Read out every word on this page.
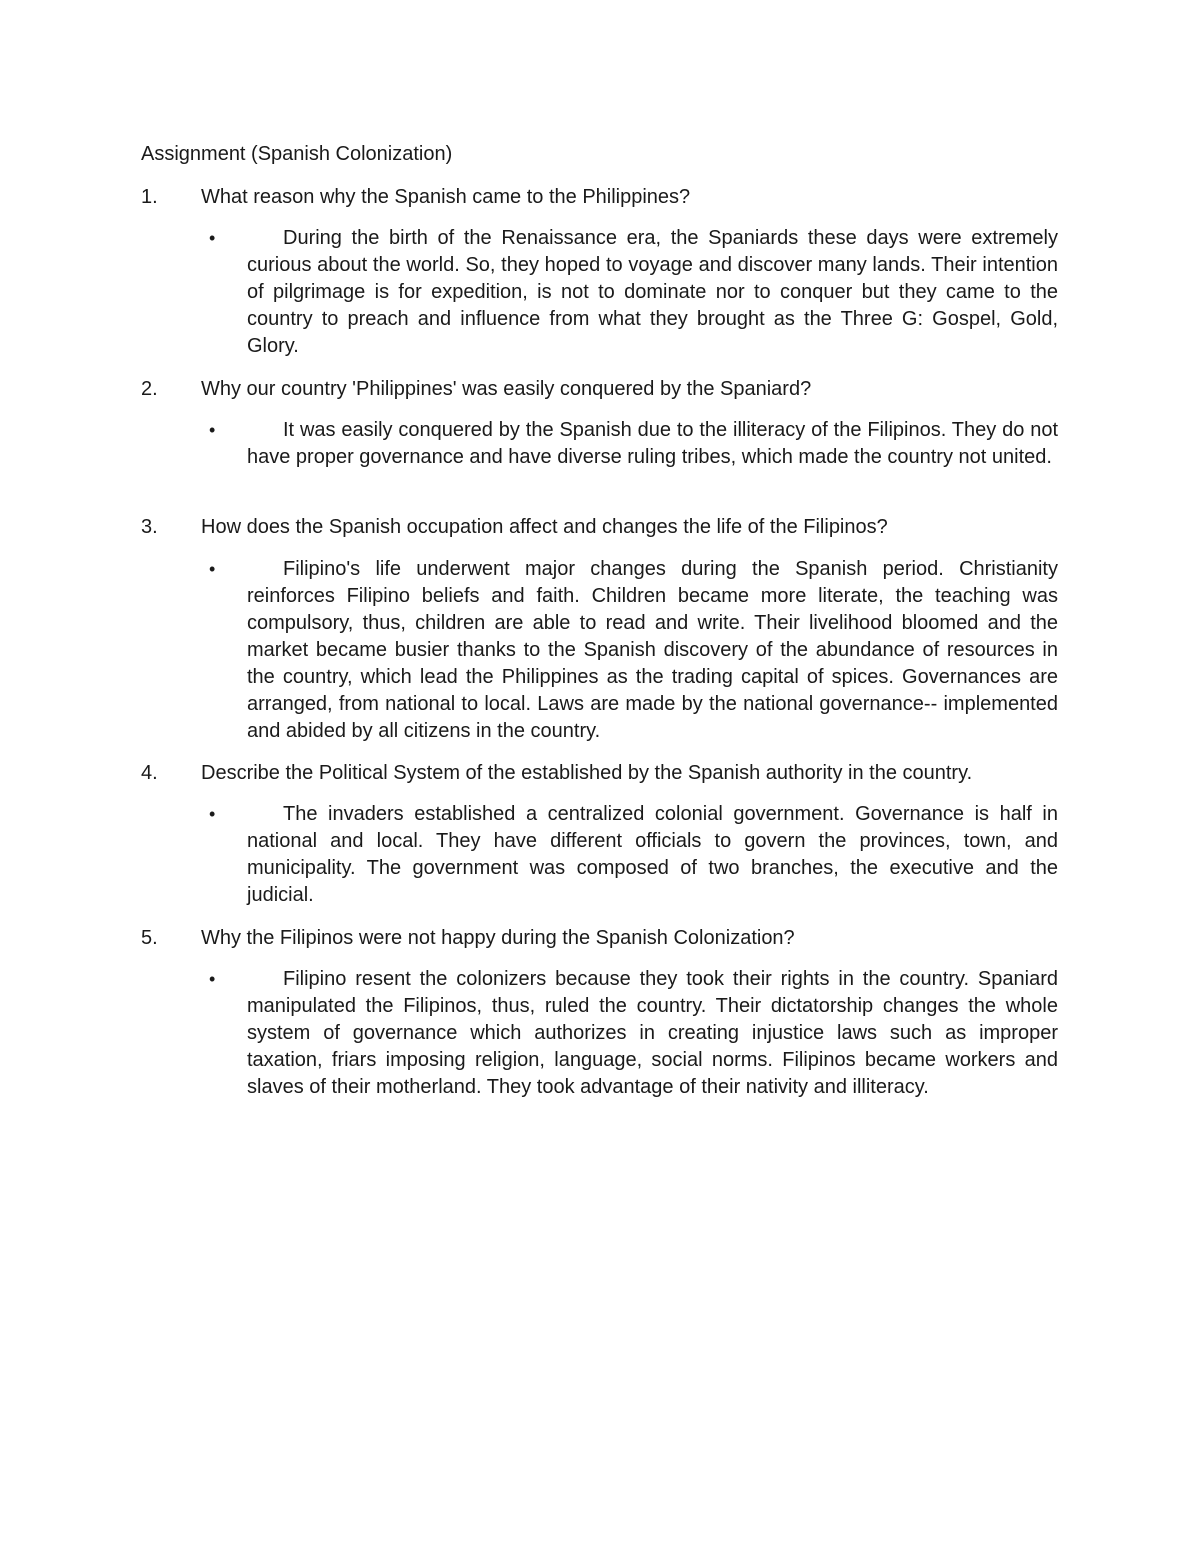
Assignment (Spanish Colonization)
1. What reason why the Spanish came to the Philippines?
•	During the birth of the Renaissance era, the Spaniards these days were extremely curious about the world. So, they hoped to voyage and discover many lands. Their intention of pilgrimage is for expedition, is not to dominate nor to conquer but they came to the country to preach and influence from what they brought as the Three G: Gospel, Gold, Glory.
2. Why our country 'Philippines' was easily conquered by the Spaniard?
•	It was easily conquered by the Spanish due to the illiteracy of the Filipinos. They do not have proper governance and have diverse ruling tribes, which made the country not united.
3. How does the Spanish occupation affect and changes the life of the Filipinos?
•	Filipino's life underwent major changes during the Spanish period. Christianity reinforces Filipino beliefs and faith. Children became more literate, the teaching was compulsory, thus, children are able to read and write. Their livelihood bloomed and the market became busier thanks to the Spanish discovery of the abundance of resources in the country, which lead the Philippines as the trading capital of spices. Governances are arranged, from national to local. Laws are made by the national governance-- implemented and abided by all citizens in the country.
4. Describe the Political System of the established by the Spanish authority in the country.
•	The invaders established a centralized colonial government. Governance is half in national and local. They have different officials to govern the provinces, town, and municipality. The government was composed of two branches, the executive and the judicial.
5. Why the Filipinos were not happy during the Spanish Colonization?
•	Filipino resent the colonizers because they took their rights in the country. Spaniard manipulated the Filipinos, thus, ruled the country. Their dictatorship changes the whole system of governance which authorizes in creating injustice laws such as improper taxation, friars imposing religion, language, social norms. Filipinos became workers and slaves of their motherland. They took advantage of their nativity and illiteracy.
